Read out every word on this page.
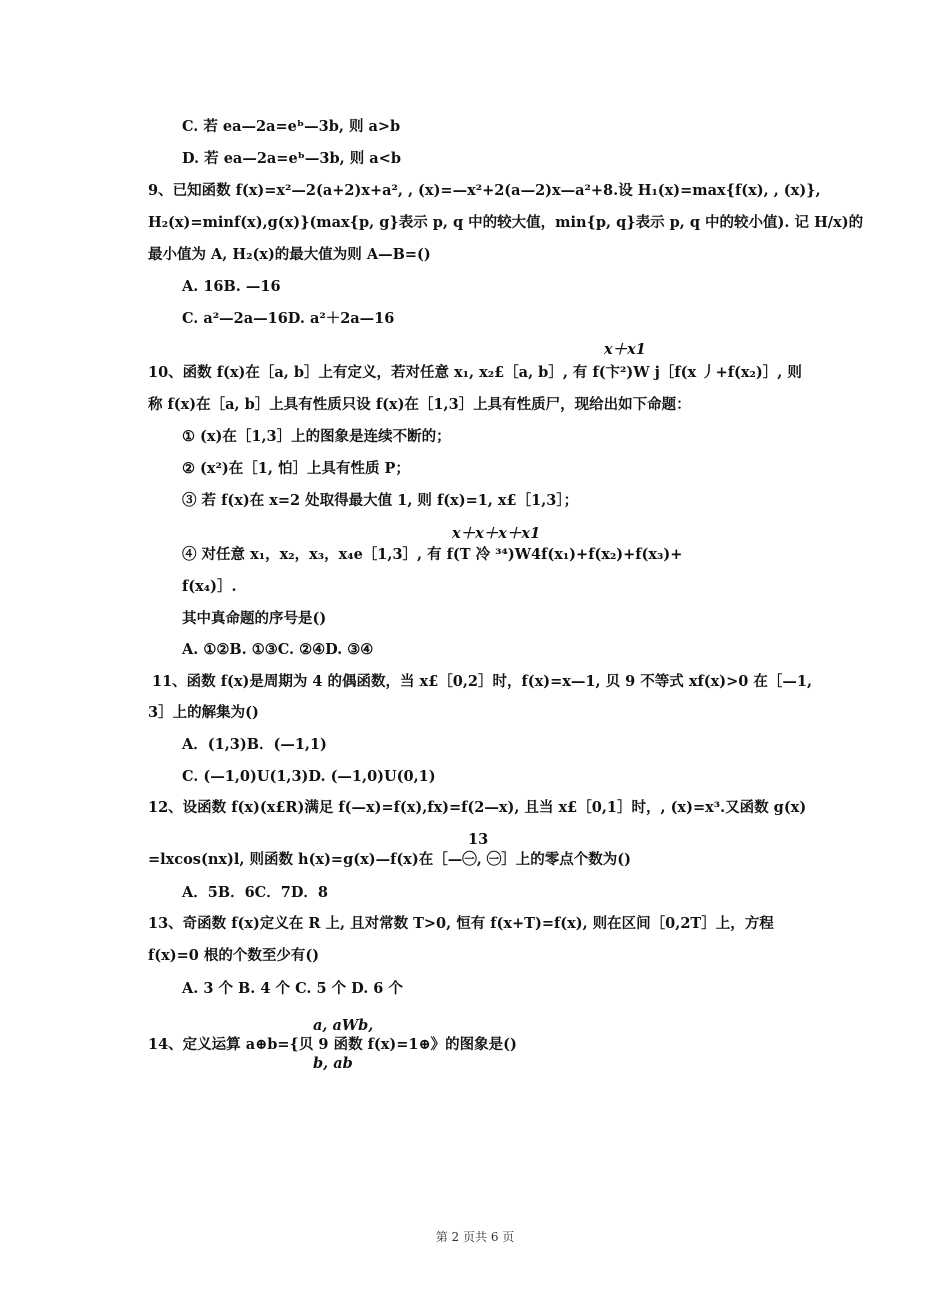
C. 若 ea—2a=eᵇ—3b, 则 a>b
D. 若 ea—2a=eᵇ—3b, 则 a<b
9、已知函数 f(x)=x²—2(a+2)x+a², , (x)=—x²+2(a—2)x—a²+8.设 H₁(x)=max{f(x), , (x)},
H₂(x)=minf(x),g(x)}(max{p, g}表示 p, q 中的较大值，min{p, q}表示 p, q 中的较小值). 记 H/x)的
最小值为 A, H₂(x)的最大值为则 A—B=()
A. 16B. —16
C. a²—2a—16D. a²＋2a—16
x＋x1
10、函数 f(x)在［a, b］上有定义，若对任意 x₁, x₂£［a, b］, 有 f(卞²)W j［f(x 丿+f(x₂)］, 则
称 f(x)在［a, b］上具有性质只设 f(x)在［1,3］上具有性质尸，现给出如下命题：
① (x)在［1,3］上的图象是连续不断的；
② (x²)在［1, 怕］上具有性质 P；
③ 若 f(x)在 x=2 处取得最大值 1, 则 f(x)=1, x£［1,3］；
x＋x＋x＋x1
④ 对任意 x₁，x₂，x₃，x₄e［1,3］, 有 f(T 冷 ³⁴)W4f(x₁)+f(x₂)+f(x₃)+
f(x₄)］.
其中真命题的序号是()
A. ①②B. ①③C. ②④D. ③④
11、函数 f(x)是周期为 4 的偶函数，当 x£［0,2］时，f(x)=x—1, 贝 9 不等式 xf(x)>0 在［—1,
3］上的解集为()
A．(1,3)B．(—1,1)
C. (—1,0)U(1,3)D. (—1,0)U(0,1)
12、设函数 f(x)(x£R)满足 f(—x)=f(x),fx)=f(2—x), 且当 x£［0,1］时，, (x)=x³.又函数 g(x)
13
=lxcos(nx)l, 则函数 h(x)=g(x)—f(x)在［—㊀, ㊀］上的零点个数为()
A．5B．6C．7D．8
13、奇函数 f(x)定义在 R 上, 且对常数 T>0, 恒有 f(x+T)=f(x), 则在区间［0,2T］上，方程
f(x)=0 根的个数至少有()
A. 3 个 B. 4 个 C. 5 个 D. 6 个
a, aWb,
14、定义运算 a⊕b={贝 9 函数 f(x)=1⊕》的图象是()
b, ab
第 2 页共 6 页
